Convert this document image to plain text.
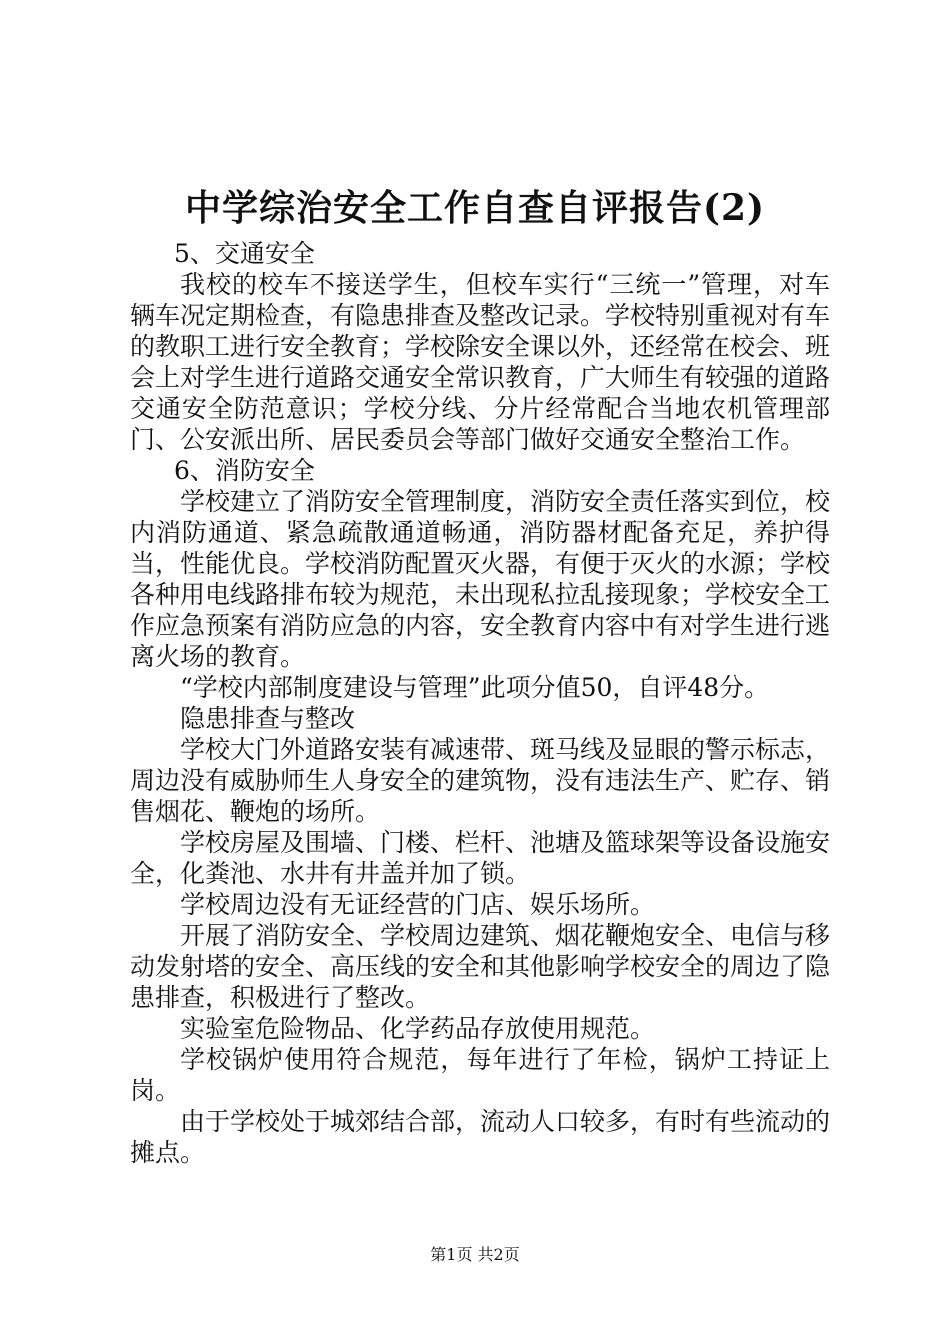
中学综治安全工作自查自评报告(2)

5、交通安全

我校的校车不接送学生，但校车实行“三统一”管理，对车辆车况定期检查，有隐患排查及整改记录。学校特别重视对有车的教职工进行安全教育；学校除安全课以外，还经常在校会、班会上对学生进行道路交通安全常识教育，广大师生有较强的道路交通安全防范意识；学校分线、分片经常配合当地农机管理部门、公安派出所、居民委员会等部门做好交通安全整治工作。

6、消防安全

学校建立了消防安全管理制度，消防安全责任落实到位，校内消防通道、紧急疏散通道畅通，消防器材配备充足，养护得当，性能优良。学校消防配置灭火器，有便于灭火的水源；学校各种用电线路排布较为规范，未出现私拉乱接现象；学校安全工作应急预案有消防应急的内容，安全教育内容中有对学生进行逃离火场的教育。

“学校内部制度建设与管理”此项分值50，自评48分。

隐患排查与整改

学校大门外道路安装有减速带、斑马线及显眼的警示标志，周边没有威胁师生人身安全的建筑物，没有违法生产、贮存、销售烟花、鞭炮的场所。

学校房屋及围墙、门楼、栏杆、池塘及篮球架等设备设施安全，化粪池、水井有井盖并加了锁。

学校周边没有无证经营的门店、娱乐场所。

开展了消防安全、学校周边建筑、烟花鞭炮安全、电信与移动发射塔的安全、高压线的安全和其他影响学校安全的周边了隐患排查，积极进行了整改。

实验室危险物品、化学药品存放使用规范。

学校锅炉使用符合规范，每年进行了年检，锅炉工持证上岗。

由于学校处于城郊结合部，流动人口较多，有时有些流动的摊点。

第1页 共2页
